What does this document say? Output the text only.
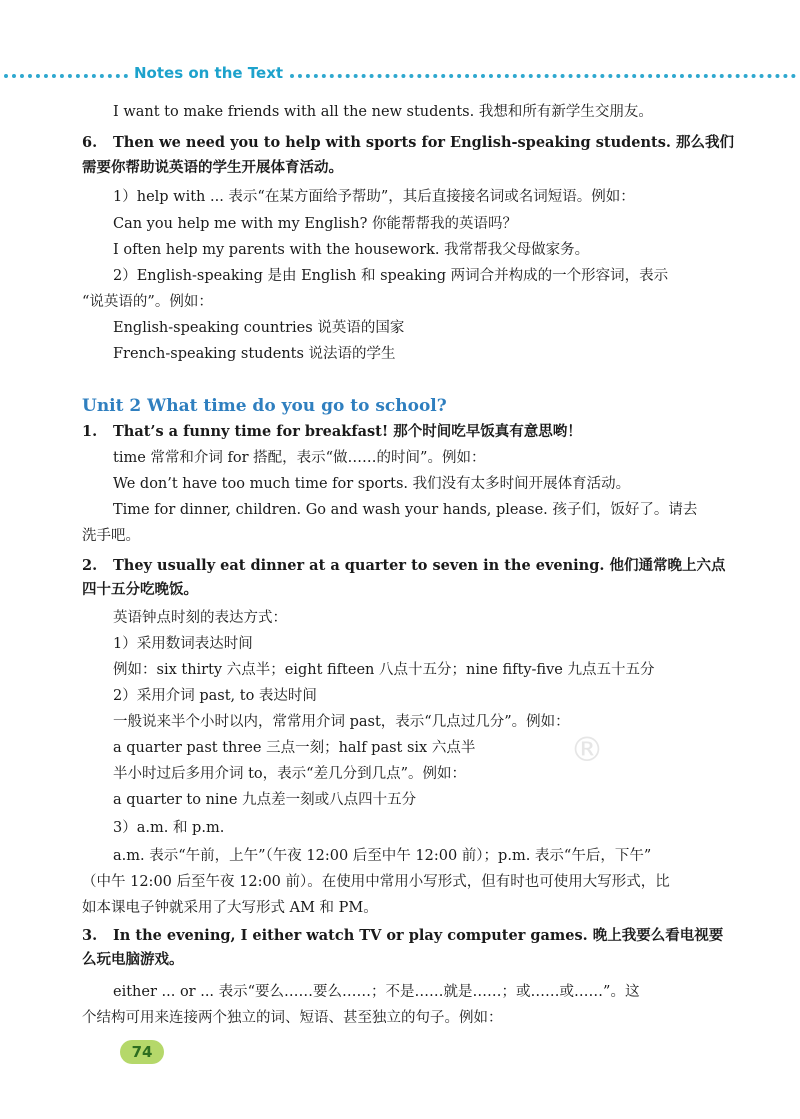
Notes on the Text
®
I want to make friends with all the new students. 我想和所有新学生交朋友。
6. Then we need you to help with sports for English-speaking students. 那么我们
需要你帮助说英语的学生开展体育活动。
1）help with ... 表示“在某方面给予帮助”，其后直接接名词或名词短语。例如：
Can you help me with my English? 你能帮帮我的英语吗？
I often help my parents with the housework. 我常帮我父母做家务。
2）English-speaking 是由 English 和 speaking 两词合并构成的一个形容词，表示
“说英语的”。例如：
English-speaking countries 说英语的国家
French-speaking students 说法语的学生
Unit 2 What time do you go to school?
1. That’s a funny time for breakfast! 那个时间吃早饭真有意思哟！
time 常常和介词 for 搭配，表示“做……的时间”。例如：
We don’t have too much time for sports. 我们没有太多时间开展体育活动。
Time for dinner, children. Go and wash your hands, please. 孩子们，饭好了。请去
洗手吧。
2. They usually eat dinner at a quarter to seven in the evening. 他们通常晚上六点
四十五分吃晚饭。
英语钟点时刻的表达方式：
1）采用数词表达时间
例如：six thirty 六点半；eight fifteen 八点十五分；nine fifty-five 九点五十五分
2）采用介词 past, to 表达时间
一般说来半个小时以内，常常用介词 past，表示“几点过几分”。例如：
a quarter past three 三点一刻；half past six 六点半
半小时过后多用介词 to，表示“差几分到几点”。例如：
a quarter to nine 九点差一刻或八点四十五分
3）a.m. 和 p.m.
a.m. 表示“午前，上午”（午夜 12:00 后至中午 12:00 前）；p.m. 表示“午后，下午”
（中午 12:00 后至午夜 12:00 前）。在使用中常用小写形式，但有时也可使用大写形式，比
如本课电子钟就采用了大写形式 AM 和 PM。
3. In the evening, I either watch TV or play computer games. 晚上我要么看电视要
么玩电脑游戏。
either ... or ... 表示“要么……要么……；不是……就是……；或……或……”。这
个结构可用来连接两个独立的词、短语、甚至独立的句子。例如：
74
